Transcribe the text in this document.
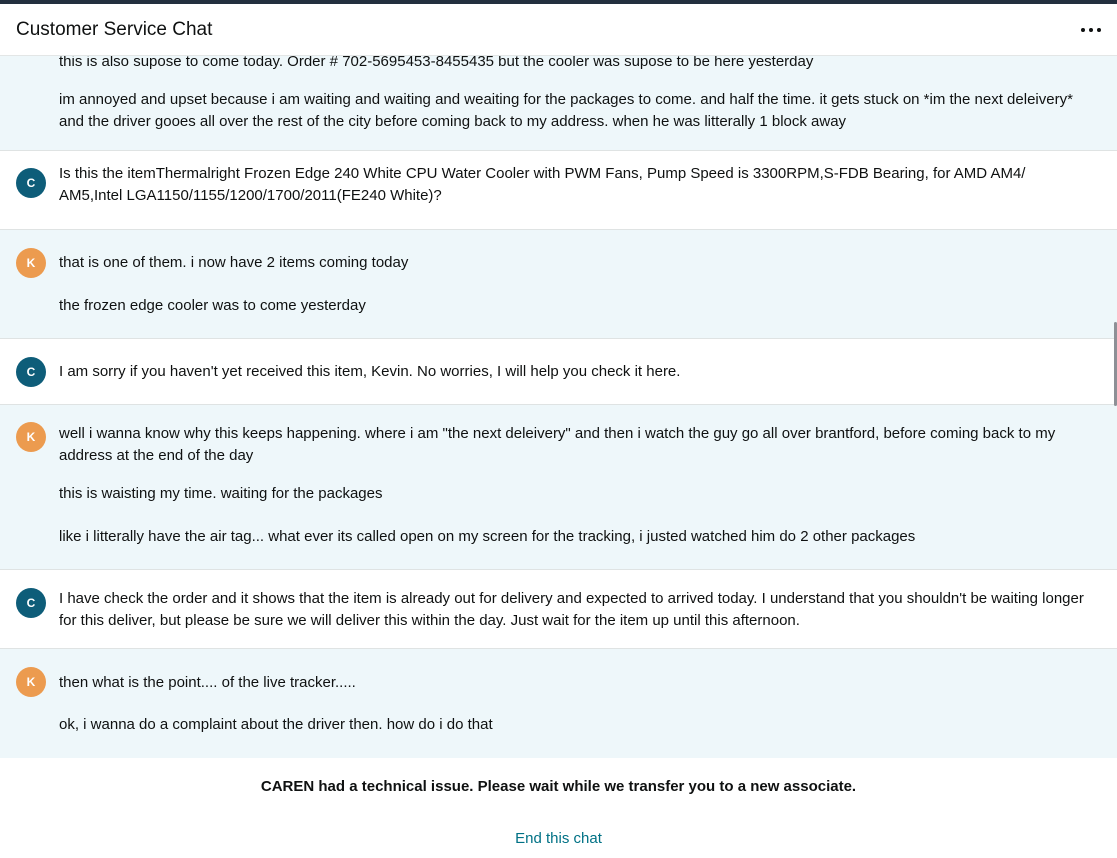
Customer Service Chat

this is also supose to come today. Order # 702-5695453-8455435 but the cooler was supose to be here yesterday

im annoyed and upset because i am waiting and waiting and weaiting for the packages to come. and half the time. it gets stuck on *im the next deleivery* and the driver gooes all over the rest of the city before coming back to my address. when he was litterally 1 block away

C

Is this the itemThermalright Frozen Edge 240 White CPU Water Cooler with PWM Fans, Pump Speed is 3300RPM,S-FDB Bearing, for AMD AM4/ AM5,Intel LGA1150/1155/1200/1700/2011(FE240 White)?

K	that is one of them. i now have 2 items coming today

the frozen edge cooler was to come yesterday

C	I am sorry if you haven't yet received this item, Kevin. No worries, I will help you check it here.

K	well i wanna know why this keeps happening. where i am "the next deleivery" and then i watch the guy go all over brantford, before coming back to my address at the end of the day

this is waisting my time. waiting for the packages

like i litterally have the air tag... what ever its called open on my screen for the tracking, i justed watched him do 2 other packages

C	I have check the order and it shows that the item is already out for delivery and expected to arrived today. I understand that you shouldn't be waiting longer for this deliver, but please be sure we will deliver this within the day. Just wait for the item up until this afternoon.

K	then what is the point.... of the live tracker.....

ok, i wanna do a complaint about the driver then. how do i do that

CAREN had a technical issue. Please wait while we transfer you to a new associate.
End this chat
